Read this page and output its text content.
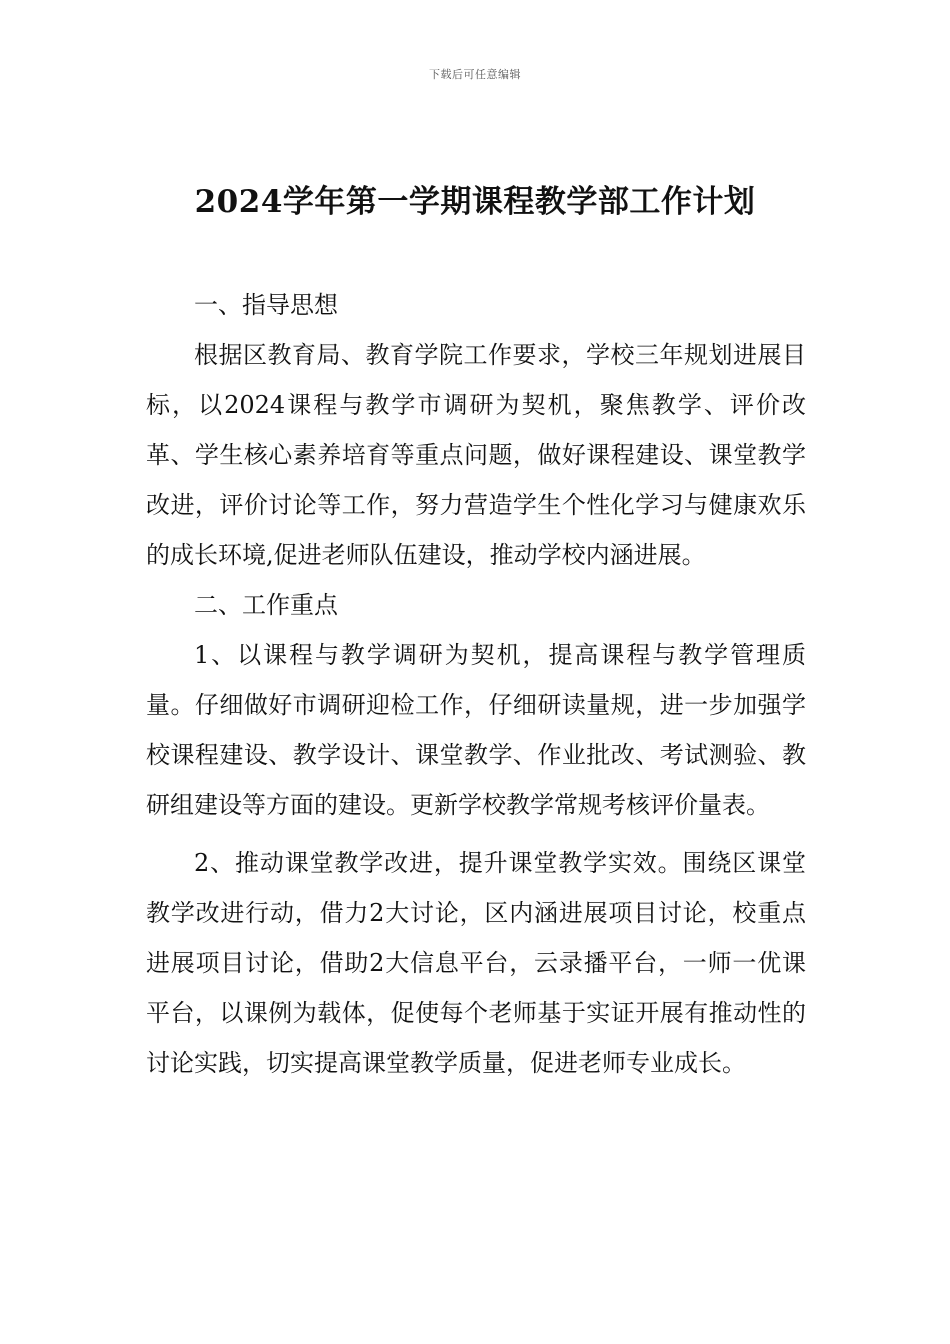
下载后可任意编辑
2024学年第一学期课程教学部工作计划

一、指导思想

根据区教育局、教育学院工作要求，学校三年规划进展目标，以2024课程与教学市调研为契机，聚焦教学、评价改革、学生核心素养培育等重点问题，做好课程建设、课堂教学改进，评价讨论等工作，努力营造学生个性化学习与健康欢乐的成长环境,促进老师队伍建设，推动学校内涵进展。

二、工作重点

1、以课程与教学调研为契机，提高课程与教学管理质量。仔细做好市调研迎检工作，仔细研读量规，进一步加强学校课程建设、教学设计、课堂教学、作业批改、考试测验、教研组建设等方面的建设。更新学校教学常规考核评价量表。

2、推动课堂教学改进，提升课堂教学实效。围绕区课堂教学改进行动，借力2大讨论，区内涵进展项目讨论，校重点进展项目讨论，借助2大信息平台，云录播平台，一师一优课平台，以课例为载体，促使每个老师基于实证开展有推动性的讨论实践，切实提高课堂教学质量，促进老师专业成长。
